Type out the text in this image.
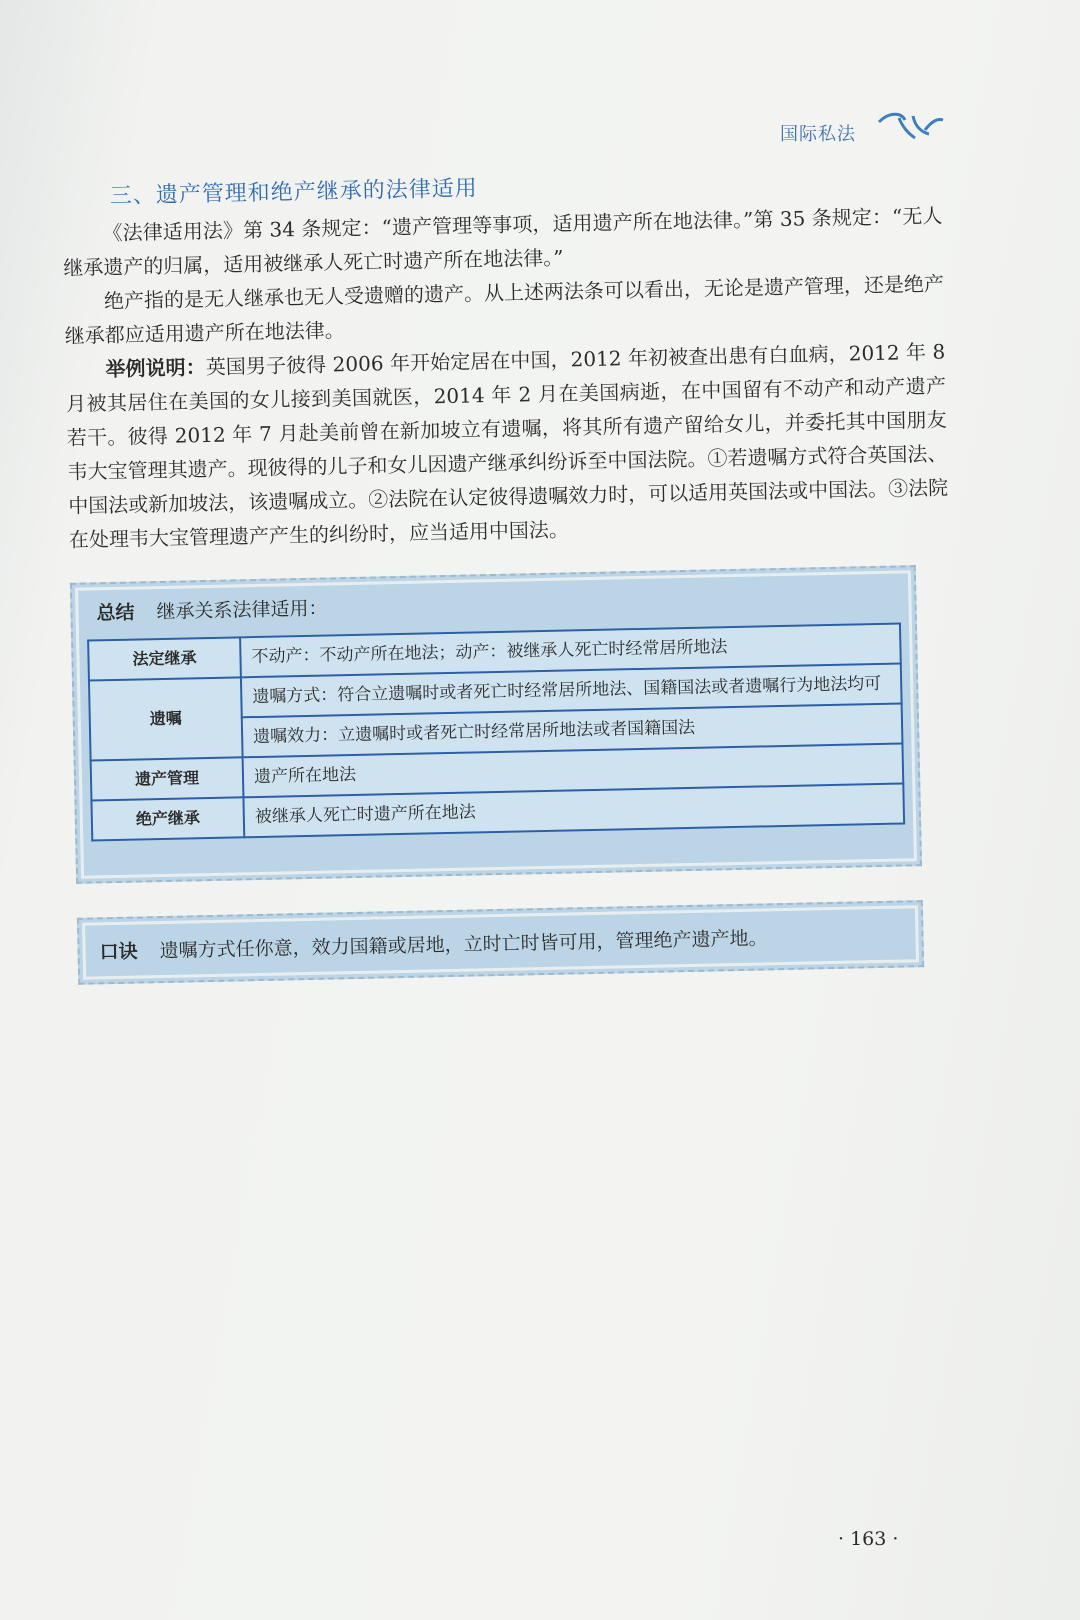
国际私法
三、遗产管理和绝产继承的法律适用

《法律适用法》第 34 条规定：“遗产管理等事项，适用遗产所在地法律。”第 35 条规定：“无人继承遗产的归属，适用被继承人死亡时遗产所在地法律。”

绝产指的是无人继承也无人受遗赠的遗产。从上述两法条可以看出，无论是遗产管理，还是绝产继承都应适用遗产所在地法律。

举例说明：英国男子彼得 2006 年开始定居在中国，2012 年初被查出患有白血病，2012 年 8 月被其居住在美国的女儿接到美国就医，2014 年 2 月在美国病逝，在中国留有不动产和动产遗产若干。彼得 2012 年 7 月赴美前曾在新加坡立有遗嘱，将其所有遗产留给女儿，并委托其中国朋友韦大宝管理其遗产。现彼得的儿子和女儿因遗产继承纠纷诉至中国法院。①若遗嘱方式符合英国法、中国法或新加坡法，该遗嘱成立。②法院在认定彼得遗嘱效力时，可以适用英国法或中国法。③法院在处理韦大宝管理遗产产生的纠纷时，应当适用中国法。

总结 继承关系法律适用：
法定继承	不动产：不动产所在地法；动产：被继承人死亡时经常居所地法
遗嘱	遗嘱方式：符合立遗嘱时或者死亡时经常居所地法、国籍国法或者遗嘱行为地法均可
	遗嘱效力：立遗嘱时或者死亡时经常居所地法或者国籍国法
遗产管理	遗产所在地法
绝产继承	被继承人死亡时遗产所在地法
口诀 遗嘱方式任你意，效力国籍或居地，立时亡时皆可用，管理绝产遗产地。
· 163 ·
